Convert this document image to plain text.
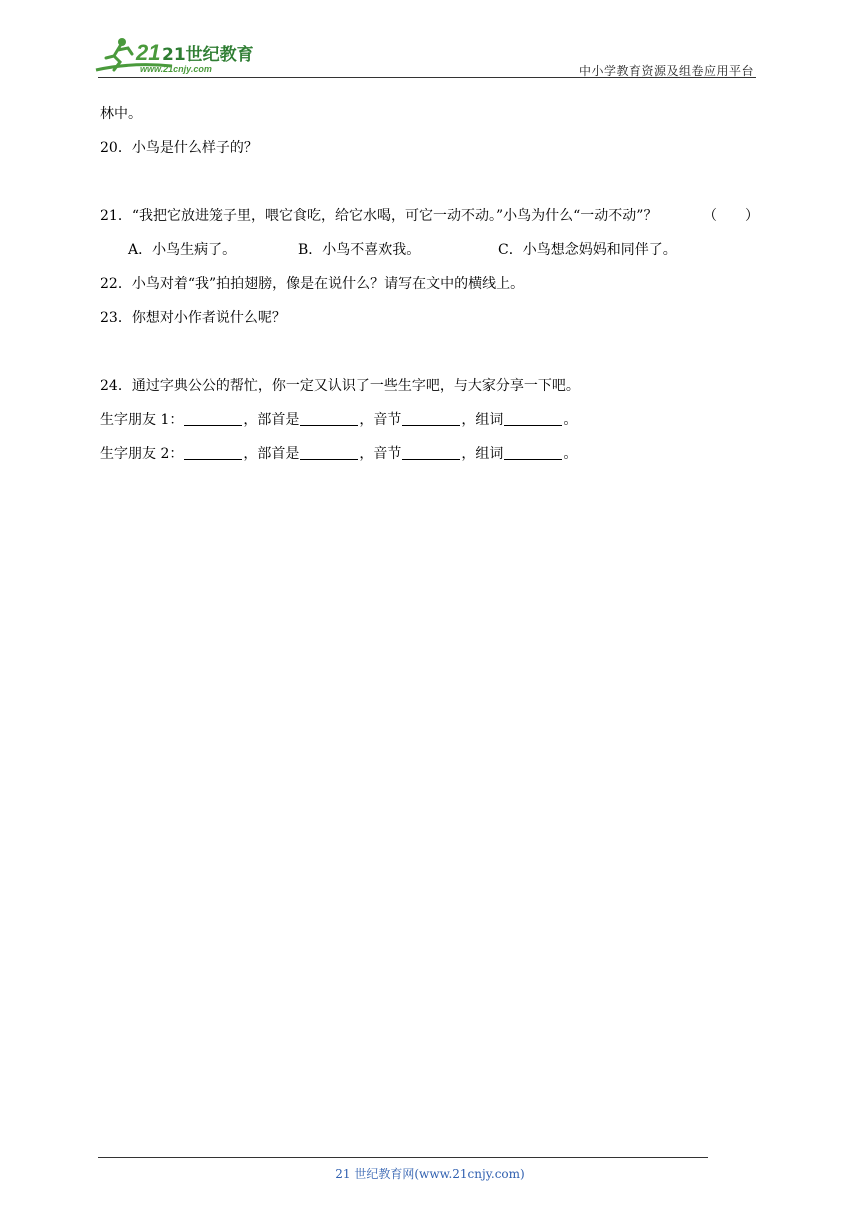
21 21世纪教育
www.21cnjy.com	中小学教育资源及组卷应用平台
林中。
20．小鸟是什么样子的？
21．“我把它放进笼子里，喂它食吃，给它水喝，可它一动不动。”小鸟为什么“一动不动”？	（　　）
A．小鸟生病了。	B．小鸟不喜欢我。	C．小鸟想念妈妈和同伴了。
22．小鸟对着“我”拍拍翅膀，像是在说什么？请写在文中的横线上。
23．你想对小作者说什么呢？
24．通过字典公公的帮忙，你一定又认识了一些生字吧，与大家分享一下吧。
生字朋友 1：	，部首是	，音节	，组词	。
生字朋友 2：	，部首是	，音节	，组词	。
21 世纪教育网(www.21cnjy.com)
